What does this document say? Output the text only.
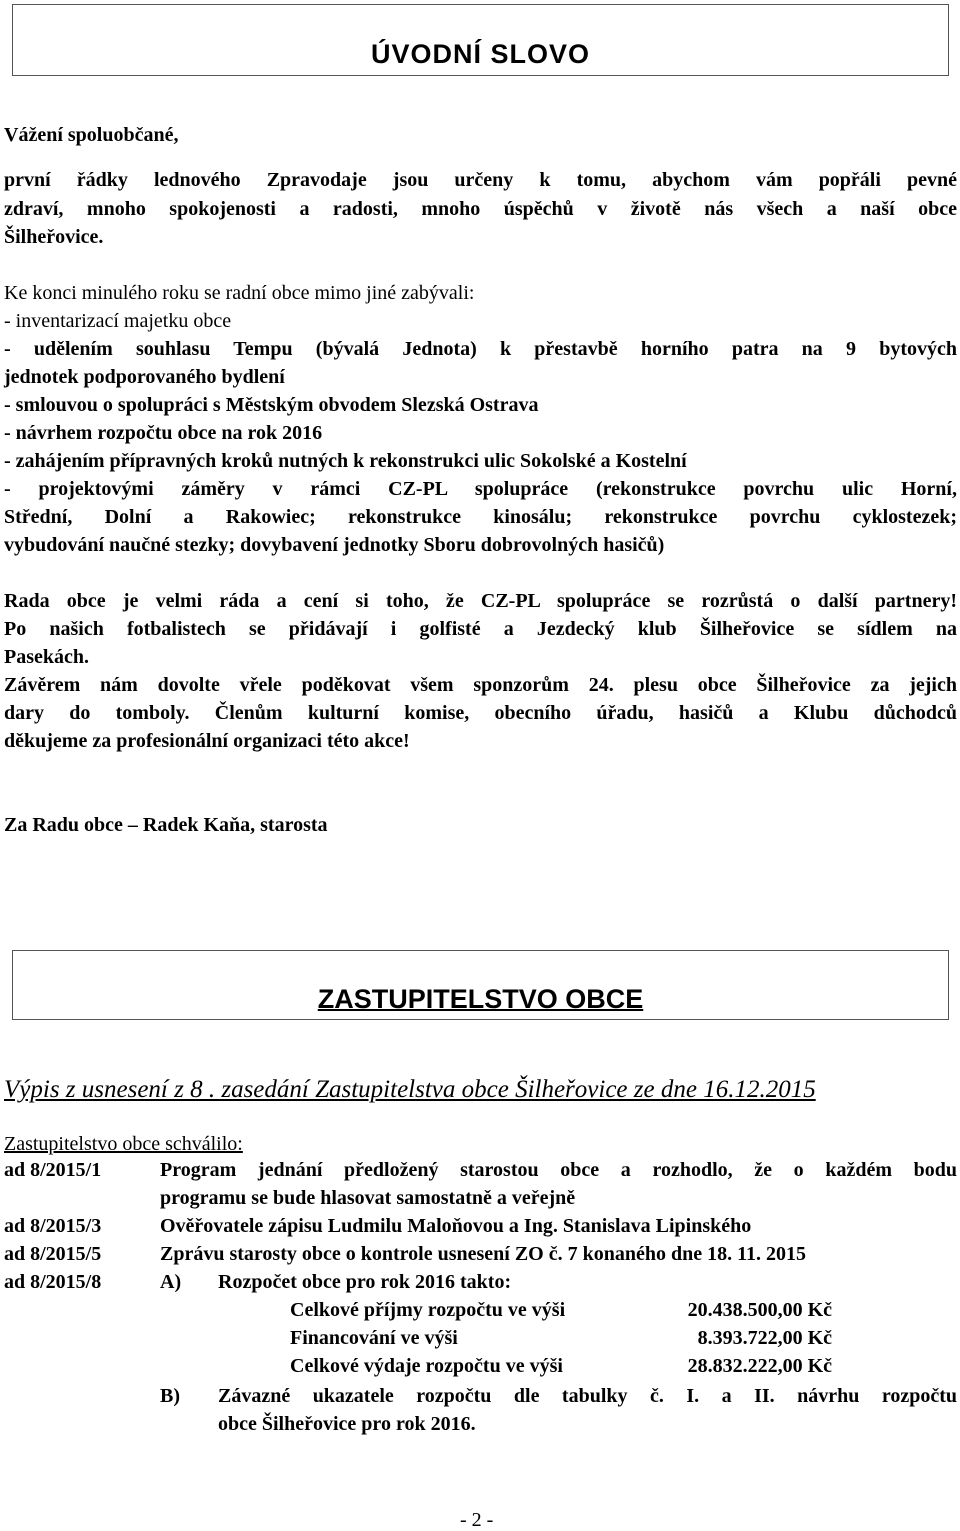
ÚVODNÍ SLOVO
Vážení spoluobčané,
první řádky lednového Zpravodaje jsou určeny k tomu, abychom vám popřáli pevné
zdraví, mnoho spokojenosti a radosti, mnoho úspěchů v životě nás všech a naší obce
Šilheřovice.
Ke konci minulého roku se radní obce mimo jiné zabývali:
- inventarizací majetku obce
- udělením souhlasu Tempu (bývalá Jednota) k přestavbě horního patra na 9 bytových
jednotek podporovaného bydlení
- smlouvou o spolupráci s Městským obvodem Slezská Ostrava
- návrhem rozpočtu obce na rok 2016
- zahájením přípravných kroků nutných k rekonstrukci ulic Sokolské a Kostelní
- projektovými záměry v rámci CZ-PL spolupráce (rekonstrukce povrchu ulic Horní,
Střední, Dolní a Rakowiec; rekonstrukce kinosálu; rekonstrukce povrchu cyklostezek;
vybudování naučné stezky; dovybavení jednotky Sboru dobrovolných hasičů)
Rada obce je velmi ráda a cení si toho, že CZ-PL spolupráce se rozrůstá o další partnery!
Po našich fotbalistech se přidávají i golfisté a Jezdecký klub Šilheřovice se sídlem na
Pasekách.
Závěrem nám dovolte vřele poděkovat všem sponzorům 24. plesu obce Šilheřovice za jejich
dary do tomboly. Členům kulturní komise, obecního úřadu, hasičů a Klubu důchodců
děkujeme za profesionální organizaci této akce!
Za Radu obce – Radek Kaňa, starosta
ZASTUPITELSTVO OBCE
Výpis z usnesení z 8 . zasedání Zastupitelstva obce Šilheřovice ze dne 16.12.2015
Zastupitelstvo obce schválilo:
ad 8/2015/1	Program jednání předložený starostou obce a rozhodlo, že o každém bodu
programu se bude hlasovat samostatně a veřejně
ad 8/2015/3	Ověřovatele zápisu Ludmilu Maloňovou a Ing. Stanislava Lipinského
ad 8/2015/5	Zprávu starosty obce o kontrole usnesení ZO č. 7 konaného dne 18. 11. 2015
ad 8/2015/8	A) Rozpočet obce pro rok 2016 takto:
Celkové příjmy rozpočtu ve výši	20.438.500,00 Kč
Financování ve výši	8.393.722,00 Kč
Celkové výdaje rozpočtu ve výši	28.832.222,00 Kč
B) Závazné ukazatele rozpočtu dle tabulky č. I. a II. návrhu rozpočtu
obce Šilheřovice pro rok 2016.
- 2 -
